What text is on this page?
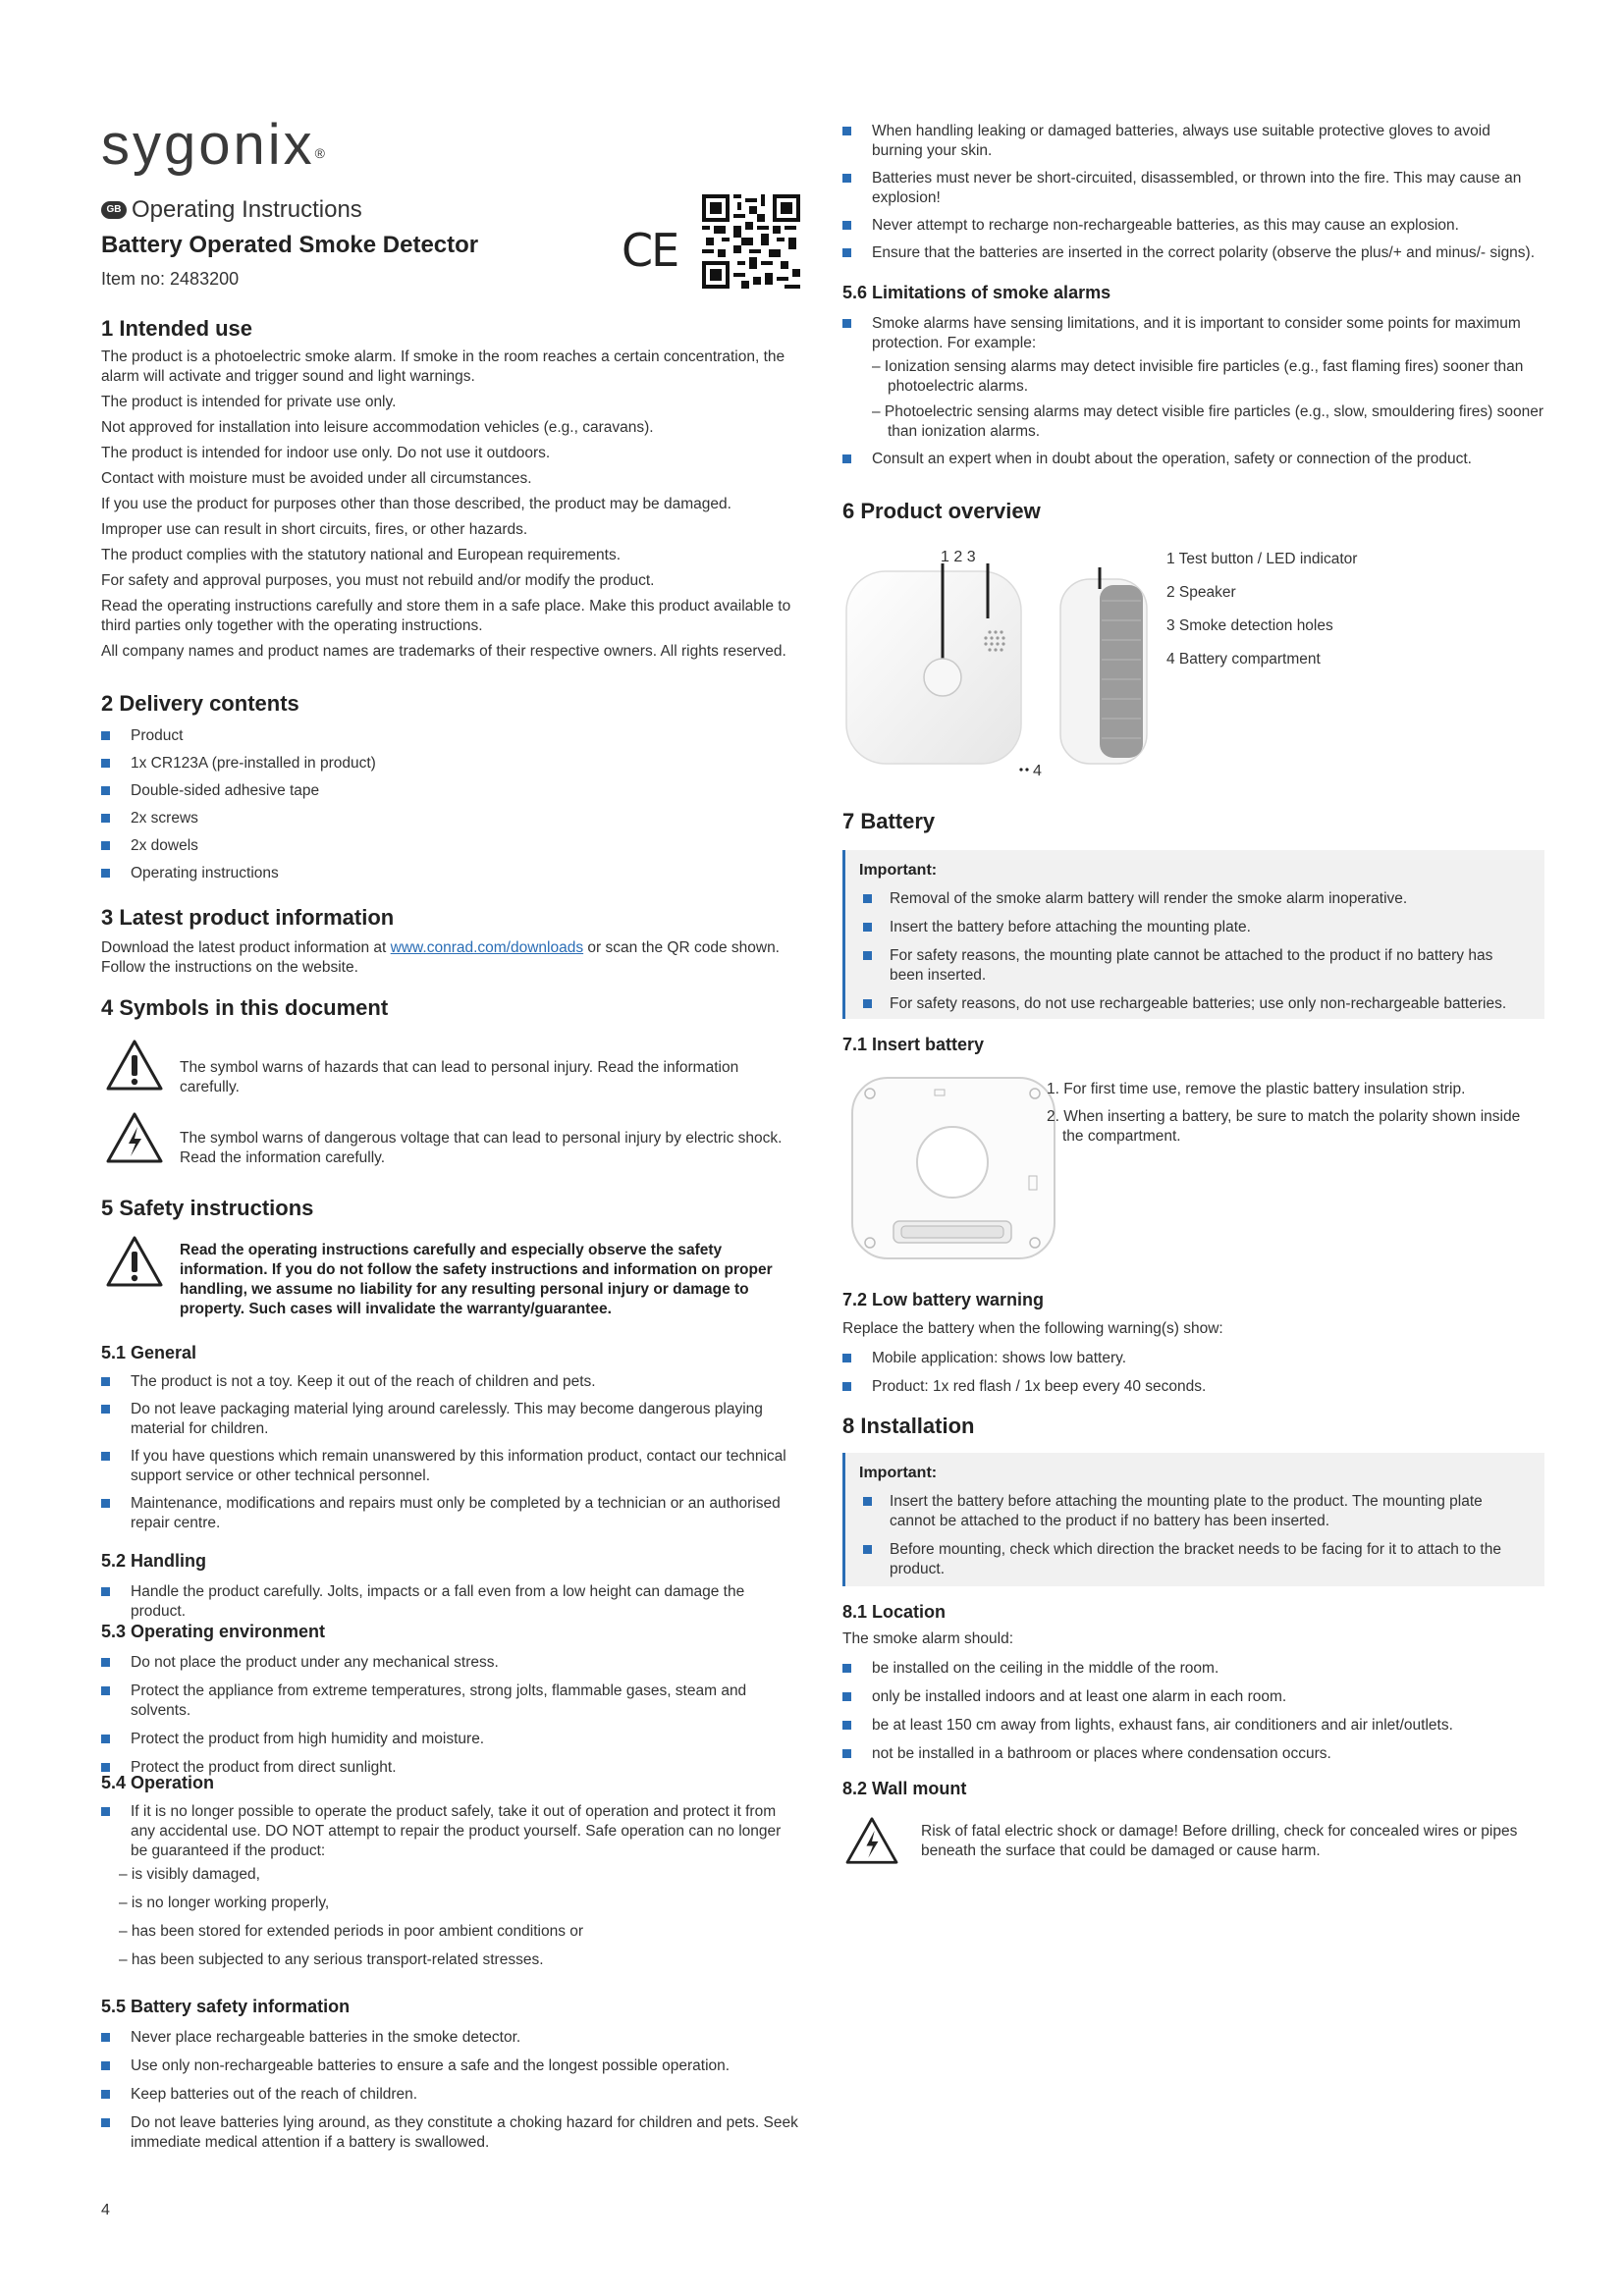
sygonix®
GB Operating Instructions
Battery Operated Smoke Detector
Item no: 2483200
CE
1 Intended use

The product is a photoelectric smoke alarm. If smoke in the room reaches a certain concentration, the alarm will activate and trigger sound and light warnings.

The product is intended for private use only.

Not approved for installation into leisure accommodation vehicles (e.g., caravans).

The product is intended for indoor use only. Do not use it outdoors.

Contact with moisture must be avoided under all circumstances.

If you use the product for purposes other than those described, the product may be damaged.

Improper use can result in short circuits, fires, or other hazards.

The product complies with the statutory national and European requirements.

For safety and approval purposes, you must not rebuild and/or modify the product.

Read the operating instructions carefully and store them in a safe place. Make this product available to third parties only together with the operating instructions.

All company names and product names are trademarks of their respective owners. All rights reserved.

2 Delivery contents
Product
1x CR123A (pre-installed in product)
Double-sided adhesive tape
2x screws
2x dowels
Operating instructions
3 Latest product information

Download the latest product information at www.conrad.com/downloads or scan the QR code shown. Follow the instructions on the website.

4 Symbols in this document

The symbol warns of hazards that can lead to personal injury. Read the information carefully.

The symbol warns of dangerous voltage that can lead to personal injury by electric shock. Read the information carefully.

5 Safety instructions

Read the operating instructions carefully and especially observe the safety information. If you do not follow the safety instructions and information on proper handling, we assume no liability for any resulting personal injury or damage to property. Such cases will invalidate the warranty/guarantee.

5.1 General
The product is not a toy. Keep it out of the reach of children and pets.
Do not leave packaging material lying around carelessly. This may become dangerous playing material for children.
If you have questions which remain unanswered by this information product, contact our technical support service or other technical personnel.
Maintenance, modifications and repairs must only be completed by a technician or an authorised repair centre.
5.2 Handling
Handle the product carefully. Jolts, impacts or a fall even from a low height can damage the product.
5.3 Operating environment
Do not place the product under any mechanical stress.
Protect the appliance from extreme temperatures, strong jolts, flammable gases, steam and solvents.
Protect the product from high humidity and moisture.
Protect the product from direct sunlight.
5.4 Operation
If it is no longer possible to operate the product safely, take it out of operation and protect it from any accidental use. DO NOT attempt to repair the product yourself. Safe operation can no longer be guaranteed if the product:
– is visibly damaged,
– is no longer working properly,
– has been stored for extended periods in poor ambient conditions or
– has been subjected to any serious transport-related stresses.
5.5 Battery safety information
Never place rechargeable batteries in the smoke detector.
Use only non-rechargeable batteries to ensure a safe and the longest possible operation.
Keep batteries out of the reach of children.
Do not leave batteries lying around, as they constitute a choking hazard for children and pets. Seek immediate medical attention if a battery is swallowed.
4
When handling leaking or damaged batteries, always use suitable protective gloves to avoid burning your skin.
Batteries must never be short-circuited, disassembled, or thrown into the fire. This may cause an explosion!
Never attempt to recharge non-rechargeable batteries, as this may cause an explosion.
Ensure that the batteries are inserted in the correct polarity (observe the plus/+ and minus/- signs).
5.6 Limitations of smoke alarms
Smoke alarms have sensing limitations, and it is important to consider some points for maximum protection. For example:
– Ionization sensing alarms may detect invisible fire particles (e.g., fast flaming fires) sooner than photoelectric alarms.
– Photoelectric sensing alarms may detect visible fire particles (e.g., slow, smouldering fires) sooner than ionization alarms.
Consult an expert when in doubt about the operation, safety or connection of the product.
6 Product overview
1 2 3
4

1 Test button / LED indicator

2 Speaker

3 Smoke detection holes

4 Battery compartment

7 Battery
Important:
Removal of the smoke alarm battery will render the smoke alarm inoperative.
Insert the battery before attaching the mounting plate.
For safety reasons, the mounting plate cannot be attached to the product if no battery has been inserted.
For safety reasons, do not use rechargeable batteries; use only non-rechargeable batteries.
7.1 Insert battery

1. For first time use, remove the plastic battery insulation strip.

2. When inserting a battery, be sure to match the polarity shown inside the compartment.

7.2 Low battery warning

Replace the battery when the following warning(s) show:

Mobile application: shows low battery.
Product: 1x red flash / 1x beep every 40 seconds.
8 Installation
Important:
Insert the battery before attaching the mounting plate to the product. The mounting plate cannot be attached to the product if no battery has been inserted.
Before mounting, check which direction the bracket needs to be facing for it to attach to the product.
8.1 Location

The smoke alarm should:

be installed on the ceiling in the middle of the room.
only be installed indoors and at least one alarm in each room.
be at least 150 cm away from lights, exhaust fans, air conditioners and air inlet/outlets.
not be installed in a bathroom or places where condensation occurs.
8.2 Wall mount

Risk of fatal electric shock or damage! Before drilling, check for concealed wires or pipes beneath the surface that could be damaged or cause harm.
